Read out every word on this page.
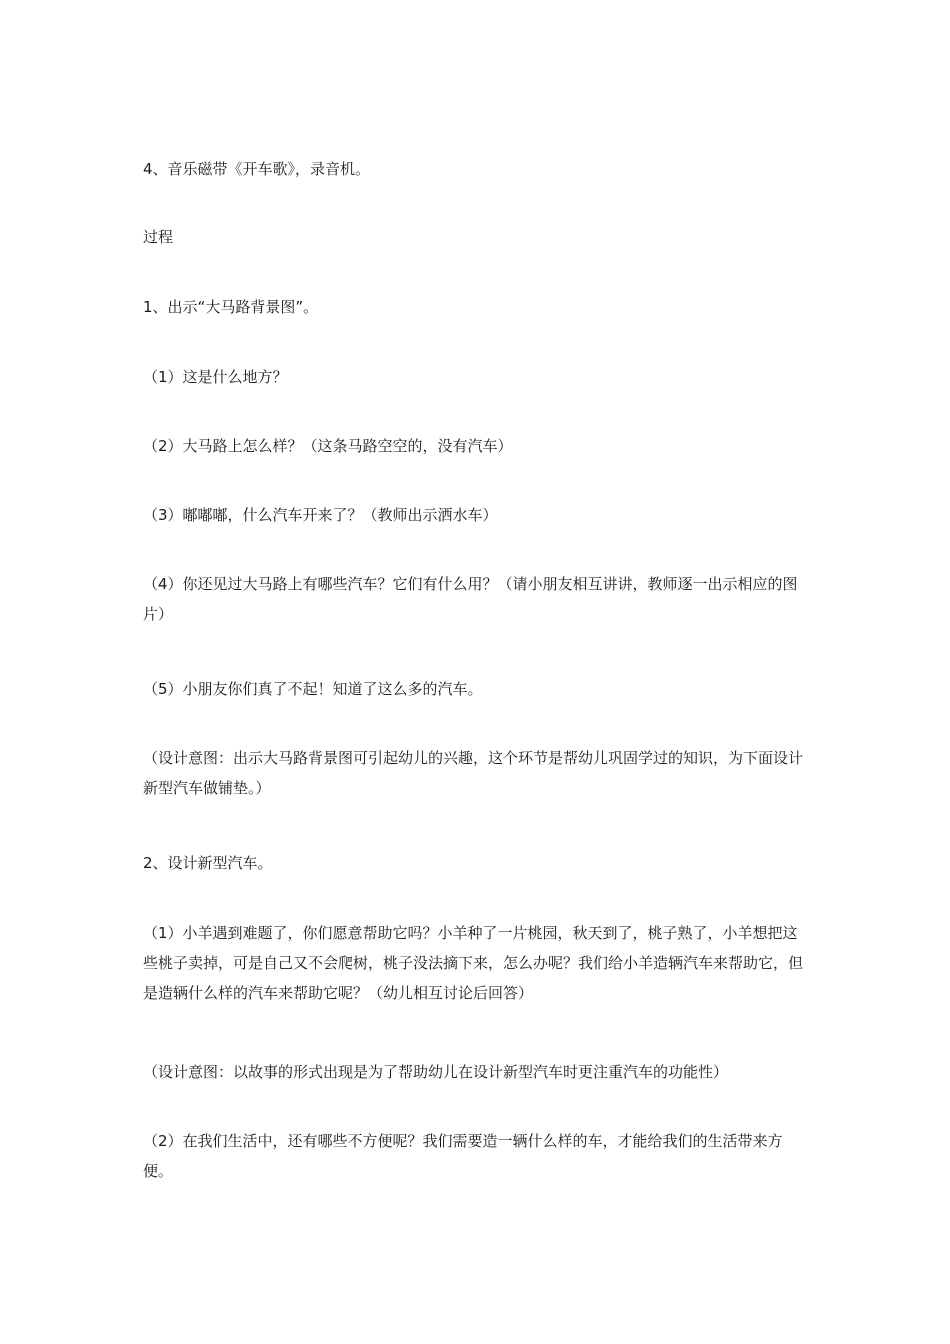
4、音乐磁带《开车歌》，录音机。

过程

1、出示“大马路背景图”。

（1）这是什么地方？

（2）大马路上怎么样？（这条马路空空的，没有汽车）

（3）嘟嘟嘟，什么汽车开来了？（教师出示洒水车）

（4）你还见过大马路上有哪些汽车？它们有什么用？（请小朋友相互讲讲，教师逐一出示相应的图片）

（5）小朋友你们真了不起！知道了这么多的汽车。

（设计意图：出示大马路背景图可引起幼儿的兴趣，这个环节是帮幼儿巩固学过的知识，为下面设计新型汽车做铺垫。）

2、设计新型汽车。

（1）小羊遇到难题了，你们愿意帮助它吗？小羊种了一片桃园，秋天到了，桃子熟了，小羊想把这些桃子卖掉，可是自己又不会爬树，桃子没法摘下来，怎么办呢？我们给小羊造辆汽车来帮助它，但是造辆什么样的汽车来帮助它呢？（幼儿相互讨论后回答）

（设计意图：以故事的形式出现是为了帮助幼儿在设计新型汽车时更注重汽车的功能性）

（2）在我们生活中，还有哪些不方便呢？我们需要造一辆什么样的车，才能给我们的生活带来方便。
